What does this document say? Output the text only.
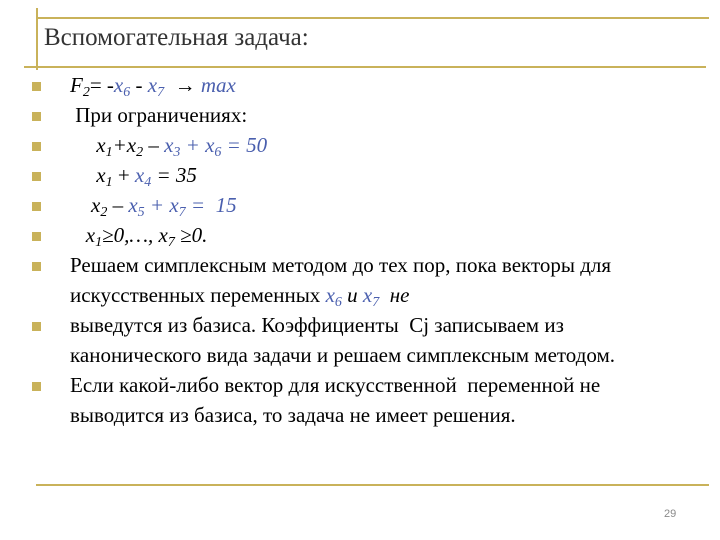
Вспомогательная задача:
$F_2= -x_6 - x_7 \to \max$
При ограничениях:
$x_1+x_2 - x_3 + x_6 = 50$
$x_1 + x_4 = 35$
$x_2 - x_5 + x_7 = 15$
$x_1\ge 0,\dots$, $x_7 \ge 0$.
Решаем симплексным методом до тех пор, пока векторы для искусственных переменных $x_6$ и $x_7$  не
выведутся из базиса. Коэффициенты  Cj записываем из канонического вида задачи и решаем симплексным методом.
Если какой-либо вектор для искусственной  переменной не выводится из базиса, то задача не имеет решения.
29
